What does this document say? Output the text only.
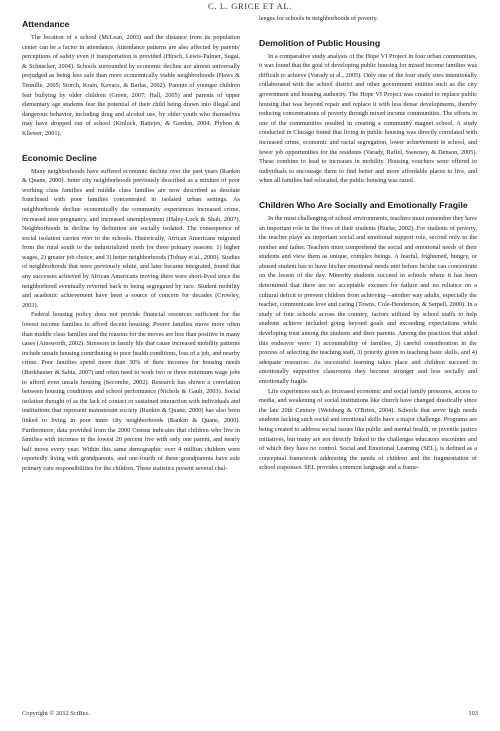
C. L. GRICE ET AL.
Attendance

The location of a school (McLean, 2003) and the distance from its population center can be a factor in attendance. Attendance patterns are also affected by parents' perceptions of safety even if transportation is provided (Hirsch, Lewis-Palmer, Sugai, & Schnacker, 2004). Schools surrounded by economic decline are almost universally prejudged as being less safe than more economically viable neighborhoods (Haws & Tennille, 2005; Storch, Krain, Kovacs, & Barlas, 2002). Parents of younger children fear bullying by older children (Green, 2007; Hall, 2005) and parents of upper elementary age students fear the potential of their child being drawn into illegal and dangerous behavior, including drug and alcohol use, by older youth who themselves may have dropped out of school (Kinlock, Battejes, & Gordon, 2004; Plybon & Kliewer, 2001).

Economic Decline

Many neighborhoods have suffered economic decline over the past years (Rankin & Quane, 2000). Inner city neighborhoods previously described as a mixture of poor working class families and middle class families are now described as desolate franchised with poor families concentrated in isolated urban settings. As neighborhoods decline economically the community experiences increased crime, increased teen pregnancy, and increased unemployment (Haley-Lock & Shah, 2007). Neighborhoods in decline by definition are socially isolated. The consequence of social isolation carries over to the schools. Historically, African Americans migrated from the rural south to the industrialized north for three primary reasons: 1) higher wages, 2) greater job choice, and 3) better neighborhoods (Tolnay et al., 2000). Studies of neighborhoods that were previously white, and later became integrated, found that any successes achieved by African Americans moving there were short-lived since the neighborhood eventually reverted back to being segregated by race. Student mobility and academic achievement have been a source of concern for decades (Crowley, 2003).

Federal housing policy does not provide financial resources sufficient for the lowest income families to afford decent housing. Poorer families move more often than middle class families and the reasons for the moves are less than positive in many cases (Ainsworth, 2002). Stressors in family life that cause increased mobility patterns include unsafe housing contributing to poor health conditions, loss of a job, and nearby crime. Poor families spend more than 30% of their incomes for housing needs (Burkhauser & Sabia, 2007) and often need to work two or three minimum wage jobs to afford even unsafe housing (Secombe, 2002). Research has shown a correlation between housing conditions and school performance (Nichols & Gault, 2003). Social isolation thought of as the lack of contact or sustained interaction with individuals and institutions that represent mainstream society (Rankin & Quane, 2000) has also been linked to living in poor inner city neighborhoods (Rankin & Quane, 2000). Furthermore, data provided from the 2000 Census indicates that children who live in families with incomes in the lowest 20 percent live with only one parent, and nearly half move every year. Within this same demographic over 4 million children were reportedly living with grandparents, and one-fourth of these grandparents have sole primary care responsibilities for the children. These statistics present several chal-

lenges for schools in neighborhoods of poverty.

Demolition of Public Housing

In a comparative study analysis of the Hope VI Project in four urban communities, it was found that the goal of developing public housing for mixed income families was difficult to achieve (Varady et al., 2005). Only one of the four study sites intentionally collaborated with the school district and other government entities such as the city government and housing authority. The Hope VI Project was created to replace public housing that was beyond repair and replace it with less dense developments, thereby reducing concentrations of poverty through mixed income communities. The efforts in one of the communities resulted in creating a community magnet school. A study conducted in Chicago found that living in public housing was directly correlated with increased crime, economic and racial segregation, lower achievement in school, and fewer job opportunities for the residents (Varady, Raffel, Sweeney, & Denson, 2005). These combine to lead to increases in mobility. Housing vouchers were offered to individuals to encourage them to find better and more affordable places to live, and when all families had relocated, the public housing was razed.

Children Who Are Socially and Emotionally Fragile

In the most challenging of school environments, teachers must remember they have an important role in the lives of their students (Burke, 2002). For students of poverty, the teacher plays an important social and emotional support role, second only to the mother and father. Teachers must comprehend the social and emotional needs of their students and view them as unique, complex beings. A fearful, frightened, hungry, or abused student has to have his/her emotional needs met before he/she can concentrate on the lesson of the day. Minority students succeed in schools where it has been determined that there are no acceptable excuses for failure and no reliance on a cultural deficit to prevent children from achieving—another way adults, especially the teacher, communicate love and caring (Towns, Cole-Henderson, & Serpell, 2000). In a study of four schools across the country, factors utilized by school staffs to help students achieve included going beyond goals and exceeding expectations while developing trust among the students and their parents. Among the practices that aided this endeavor were: 1) accountability of families, 2) careful consideration in the process of selecting the teaching staff, 3) priority given to teaching basic skills, and 4) adequate resources. As successful learning takes place and children succeed in emotionally supportive classrooms they become stronger and less socially and emotionally fragile.

Life experiences such as increased economic and social family pressures, access to media, and weakening of social institutions like church have changed drastically since the late 20th Century (Weisburg & O'Brien, 2004). Schools that serve high needs students lacking such social and emotional skills have a major challenge. Programs are being created to address social issues like public and mental health, or juvenile justice initiatives, but many are not directly linked to the challenges educators encounter and of which they have no control. Social and Emotional Learning (SEL), is defined as a conceptual framework addressing the needs of children and the fragmentation of school responses. SEL provides common language and a frame-

Copyright © 2012 SciRes.	103
